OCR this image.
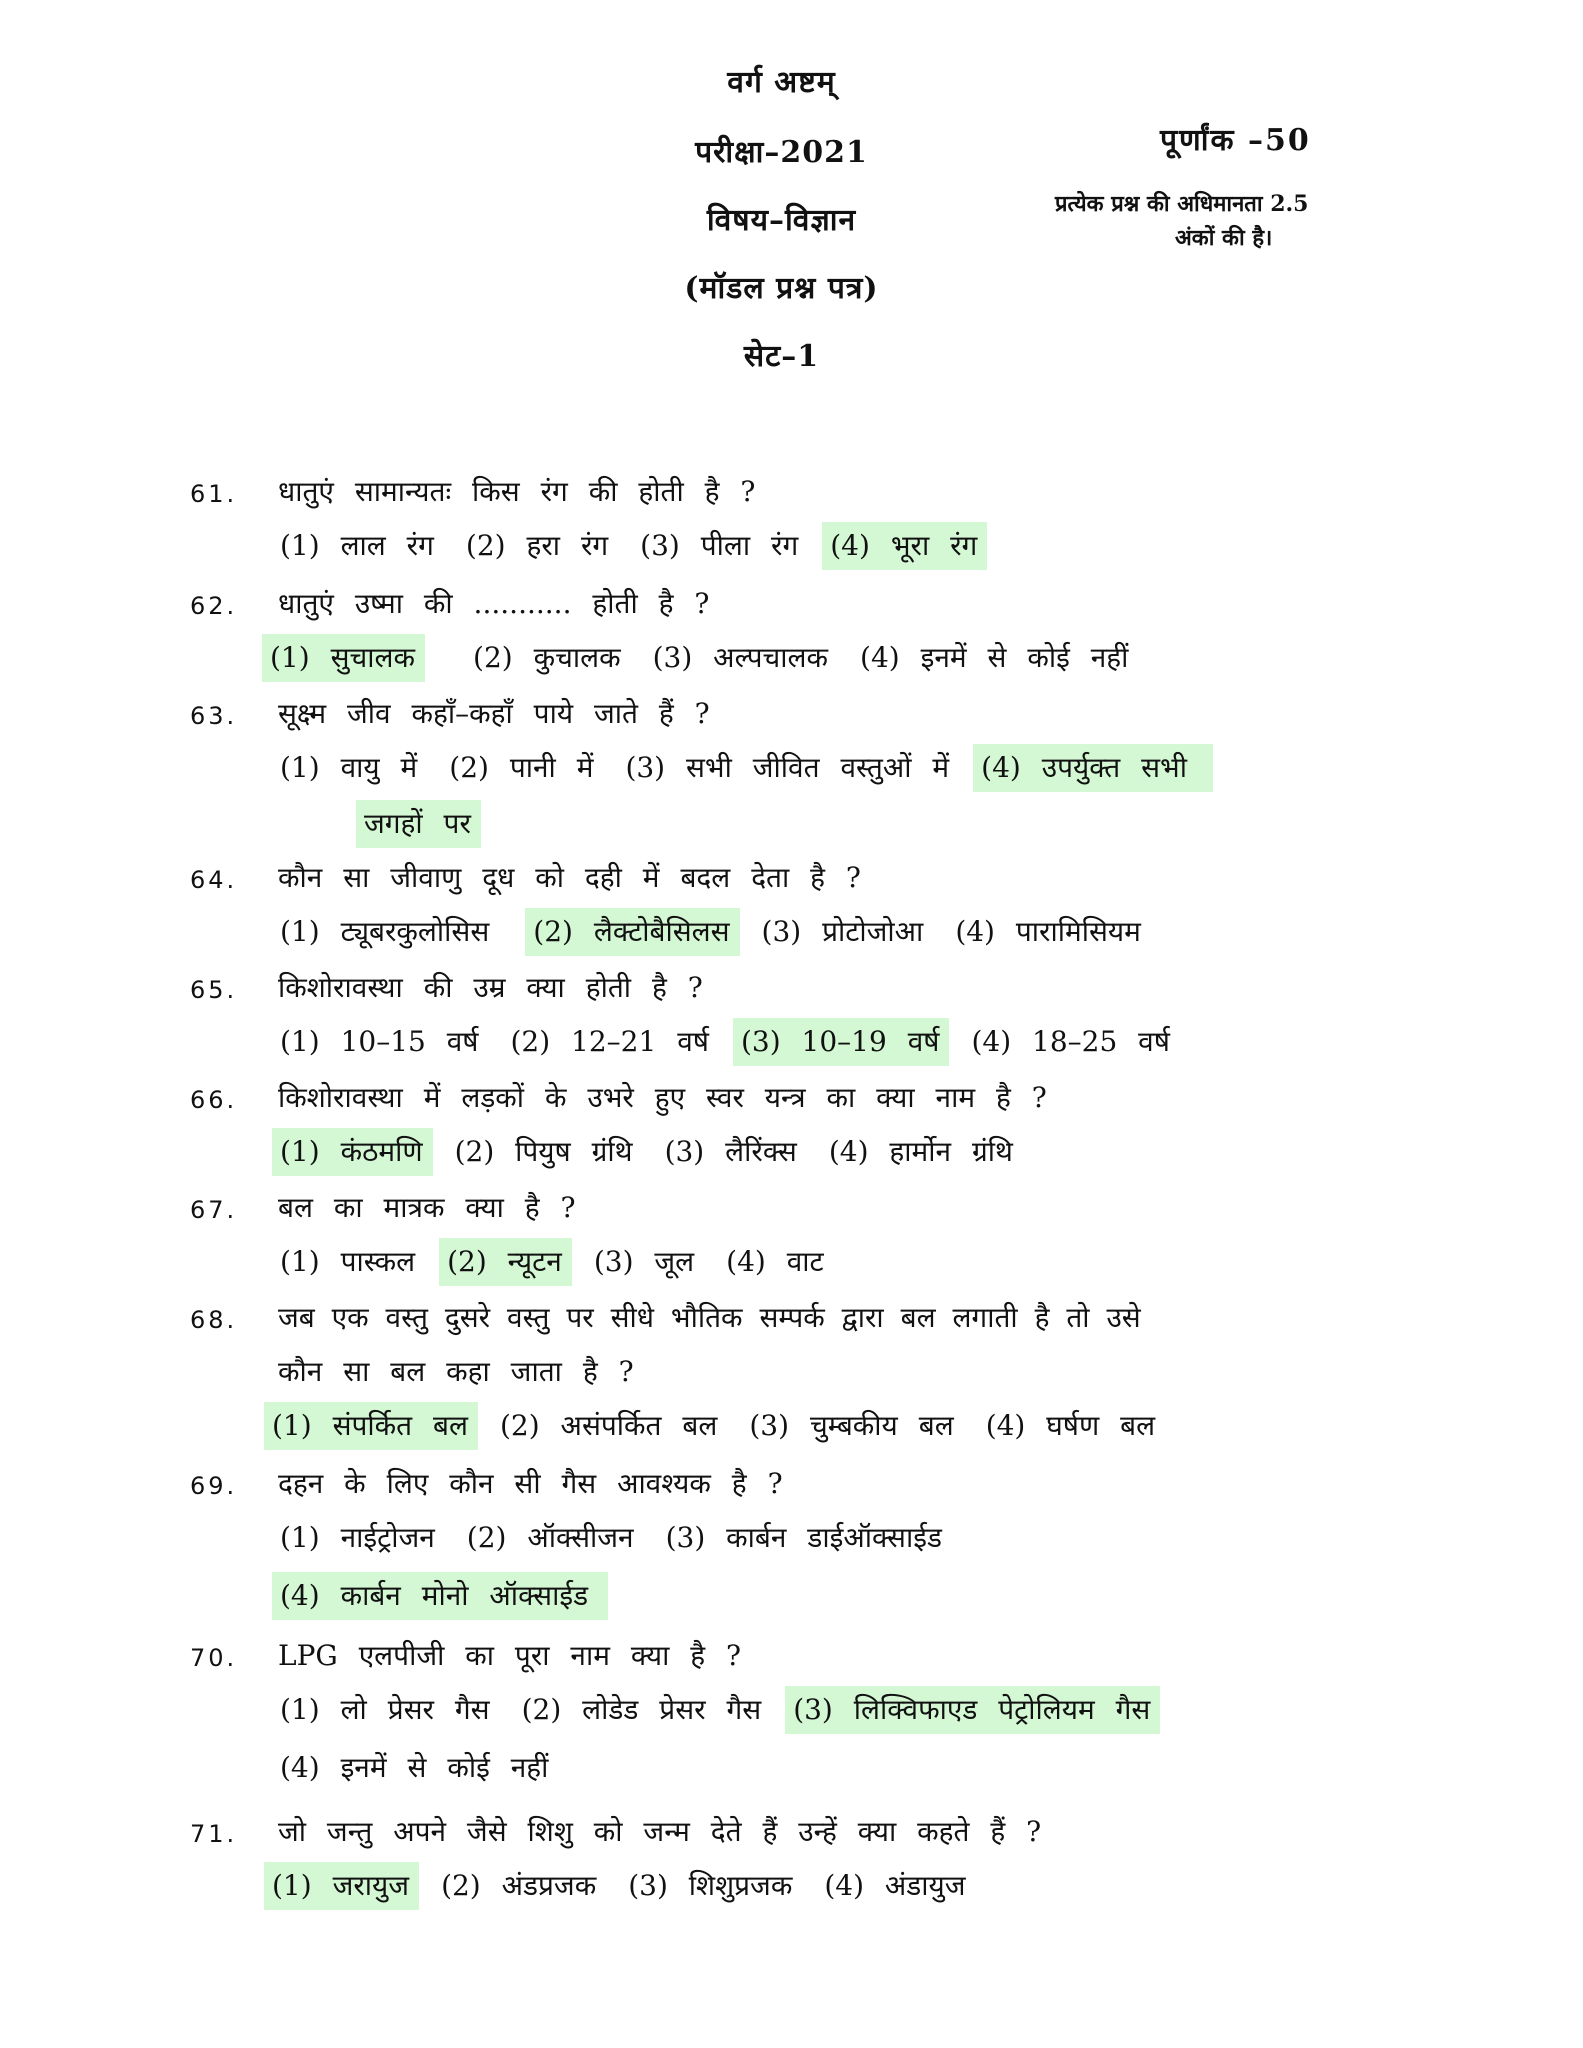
वर्ग अष्टम्
परीक्षा–2021
विषय–विज्ञान
(मॉडल प्रश्न पत्र)
सेट–1
पूर्णांक –50
प्रत्येक प्रश्न की अधिमानता 2.5
अंकों की है।
61. धातुएं सामान्यतः किस रंग की होती है ?
(1) लाल रंग (2) हरा रंग (3) पीला रंग (4) भूरा रंग
62. धातुएं उष्मा की ........... होती है ?
(1) सुचालक (2) कुचालक (3) अल्पचालक (4) इनमें से कोई नहीं
63. सूक्ष्म जीव कहाँ–कहाँ पाये जाते हैं ?
(1) वायु में (2) पानी में (3) सभी जीवित वस्तुओं में (4) उपर्युक्त सभी
जगहों पर
64. कौन सा जीवाणु दूध को दही में बदल देता है ?
(1) ट्यूबरकुलोसिस (2) लैक्टोबैसिलस (3) प्रोटोजोआ (4) पारामिसियम
65. किशोरावस्था की उम्र क्या होती है ?
(1) 10–15 वर्ष (2) 12–21 वर्ष (3) 10–19 वर्ष (4) 18–25 वर्ष
66. किशोरावस्था में लड़कों के उभरे हुए स्वर यन्त्र का क्या नाम है ?
(1) कंठमणि (2) पियुष ग्रंथि (3) लैरिंक्स (4) हार्मोन ग्रंथि
67. बल का मात्रक क्या है ?
(1) पास्कल (2) न्यूटन (3) जूल (4) वाट
68. जब एक वस्तु दुसरे वस्तु पर सीधे भौतिक सम्पर्क द्वारा बल लगाती है तो उसे
कौन सा बल कहा जाता है ?
(1) संपर्कित बल (2) असंपर्कित बल (3) चुम्बकीय बल (4) घर्षण बल
69. दहन के लिए कौन सी गैस आवश्यक है ?
(1) नाईट्रोजन (2) ऑक्सीजन (3) कार्बन डाईऑक्साईड
(4) कार्बन मोनो ऑक्साईड
70. LPG एलपीजी का पूरा नाम क्या है ?
(1) लो प्रेसर गैस (2) लोडेड प्रेसर गैस (3) लिक्विफाएड पेट्रोलियम गैस
(4) इनमें से कोई नहीं
71. जो जन्तु अपने जैसे शिशु को जन्म देते हैं उन्हें क्या कहते हैं ?
(1) जरायुज (2) अंडप्रजक (3) शिशुप्रजक (4) अंडायुज
